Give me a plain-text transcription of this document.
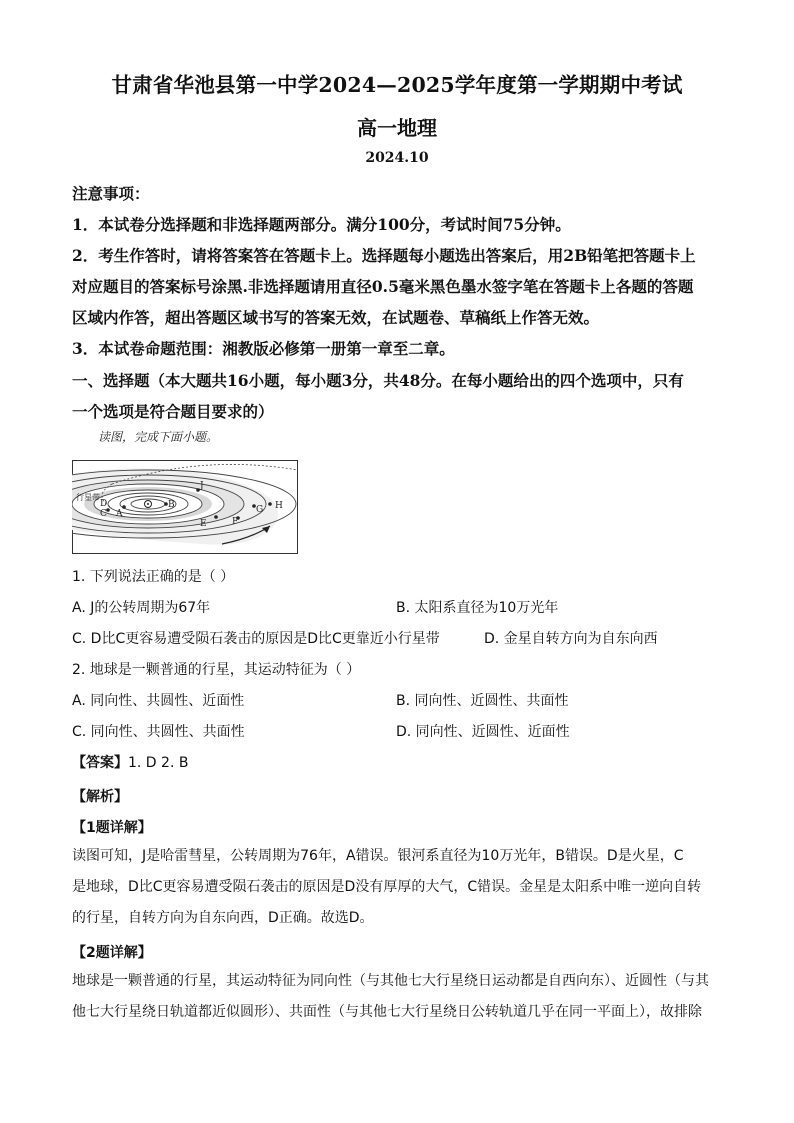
甘肃省华池县第一中学2024—2025学年度第一学期期中考试
高一地理
2024.10
注意事项：
1．本试卷分选择题和非选择题两部分。满分100分，考试时间75分钟。
2．考生作答时，请将答案答在答题卡上。选择题每小题选出答案后，用2B铅笔把答题卡上
对应题目的答案标号涂黑.非选择题请用直径0.5毫米黑色墨水签字笔在答题卡上各题的答题
区域内作答，超出答题区域书写的答案无效，在试题卷、草稿纸上作答无效。
3．本试卷命题范围：湘教版必修第一册第一章至二章。
一、选择题（本大题共16小题，每小题3分，共48分。在每小题给出的四个选项中，只有
一个选项是符合题目要求的）
读图，完成下面小题。
行星带
D
C A
B
E	F
G H
J
1. 下列说法正确的是（ ）
A. J的公转周期为67年	B. 太阳系直径为10万光年
C. D比C更容易遭受陨石袭击的原因是D比C更靠近小行星带	D. 金星自转方向为自东向西
2. 地球是一颗普通的行星，其运动特征为（ ）
A. 同向性、共圆性、近面性	B. 同向性、近圆性、共面性
C. 同向性、共圆性、共面性	D. 同向性、近圆性、近面性
【答案】1. D 2. B
【解析】
【1题详解】
读图可知，J是哈雷彗星，公转周期为76年，A错误。银河系直径为10万光年，B错误。D是火星，C
是地球，D比C更容易遭受陨石袭击的原因是D没有厚厚的大气，C错误。金星是太阳系中唯一逆向自转
的行星，自转方向为自东向西，D正确。故选D。
【2题详解】
地球是一颗普通的行星，其运动特征为同向性（与其他七大行星绕日运动都是自西向东）、近圆性（与其
他七大行星绕日轨道都近似圆形）、共面性（与其他七大行星绕日公转轨道几乎在同一平面上），故排除
